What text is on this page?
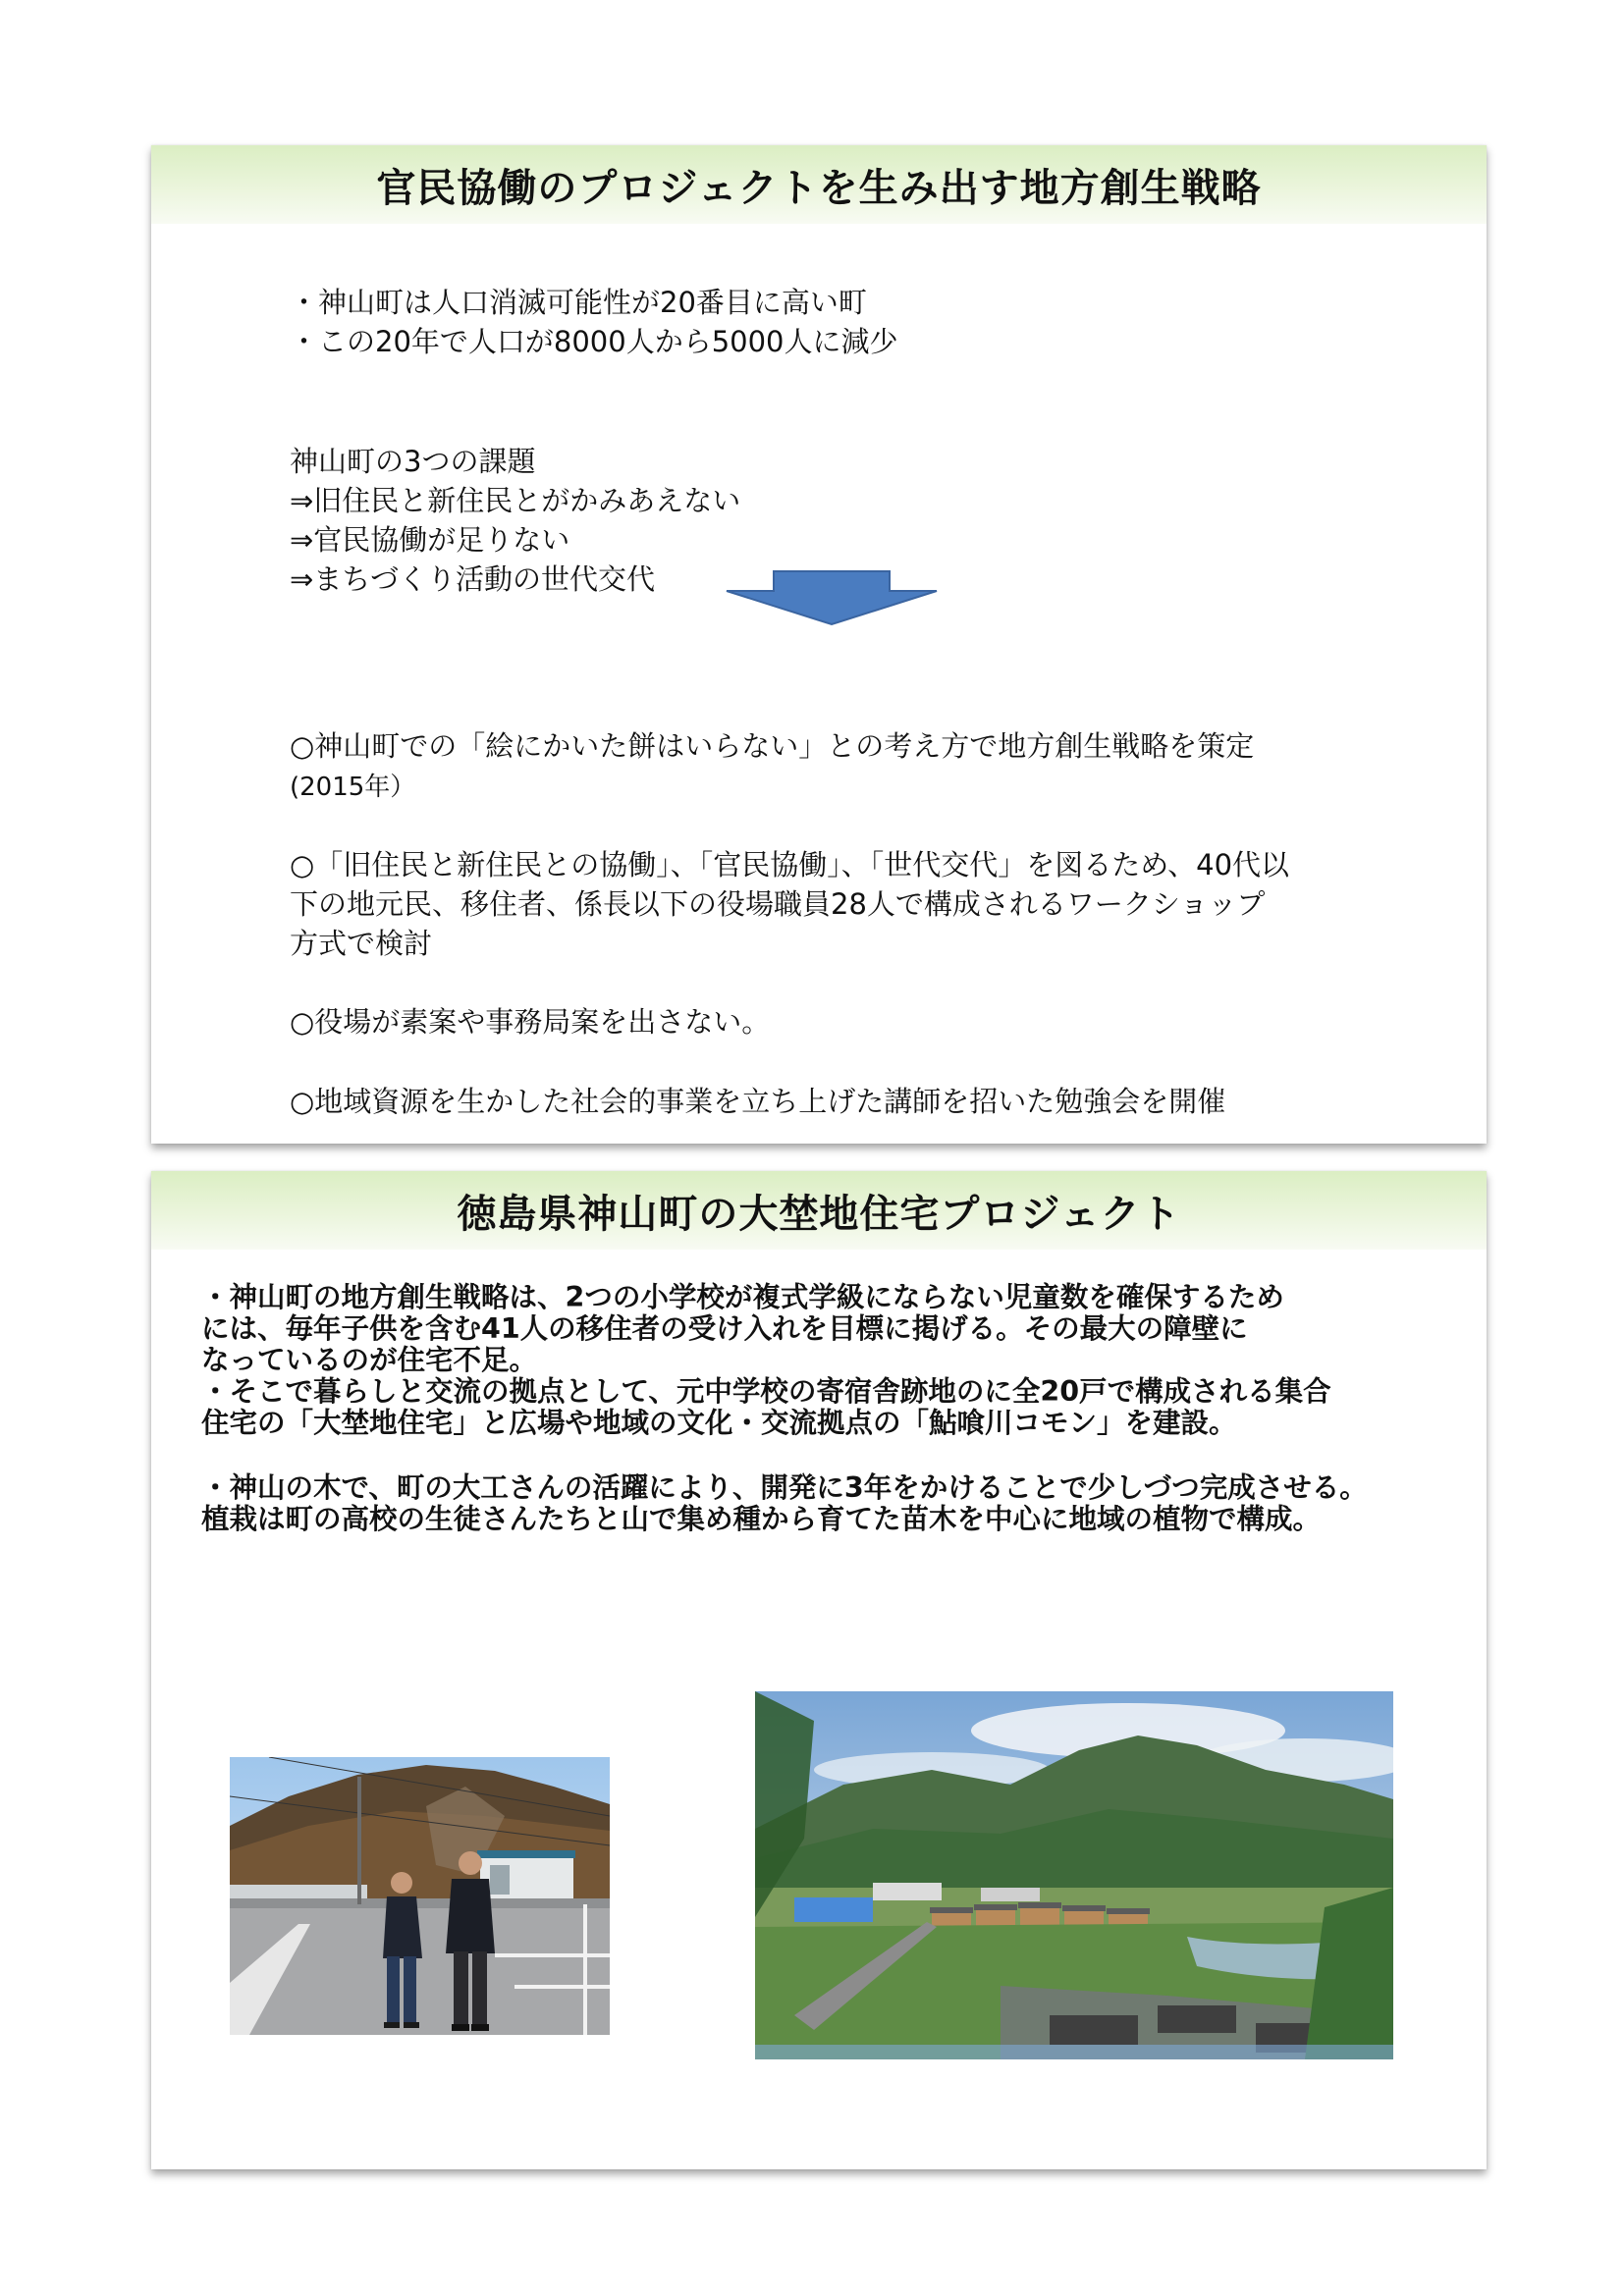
官民協働のプロジェクトを生み出す地方創生戦略
・神山町は人口消滅可能性が20番目に高い町
・この20年で人口が8000人から5000人に減少
神山町の3つの課題
⇒旧住民と新住民とがかみあえない
⇒官民協働が足りない
⇒まちづくり活動の世代交代
○神山町での「絵にかいた餅はいらない」との考え方で地方創生戦略を策定
(2015年）
○「旧住民と新住民との協働」、「官民協働」、「世代交代」を図るため、40代以
下の地元民、移住者、係長以下の役場職員28人で構成されるワークショップ
方式で検討
○役場が素案や事務局案を出さない。
○地域資源を生かした社会的事業を立ち上げた講師を招いた勉強会を開催
徳島県神山町の大埜地住宅プロジェクト
・神山町の地方創生戦略は、2つの小学校が複式学級にならない児童数を確保するため
には、毎年子供を含む41人の移住者の受け入れを目標に掲げる。その最大の障壁に
なっているのが住宅不足。
・そこで暮らしと交流の拠点として、元中学校の寄宿舎跡地のに全20戸で構成される集合
住宅の「大埜地住宅」と広場や地域の文化・交流拠点の「鮎喰川コモン」を建設。
・神山の木で、町の大工さんの活躍により、開発に3年をかけることで少しづつ完成させる。
植栽は町の高校の生徒さんたちと山で集め種から育てた苗木を中心に地域の植物で構成。
